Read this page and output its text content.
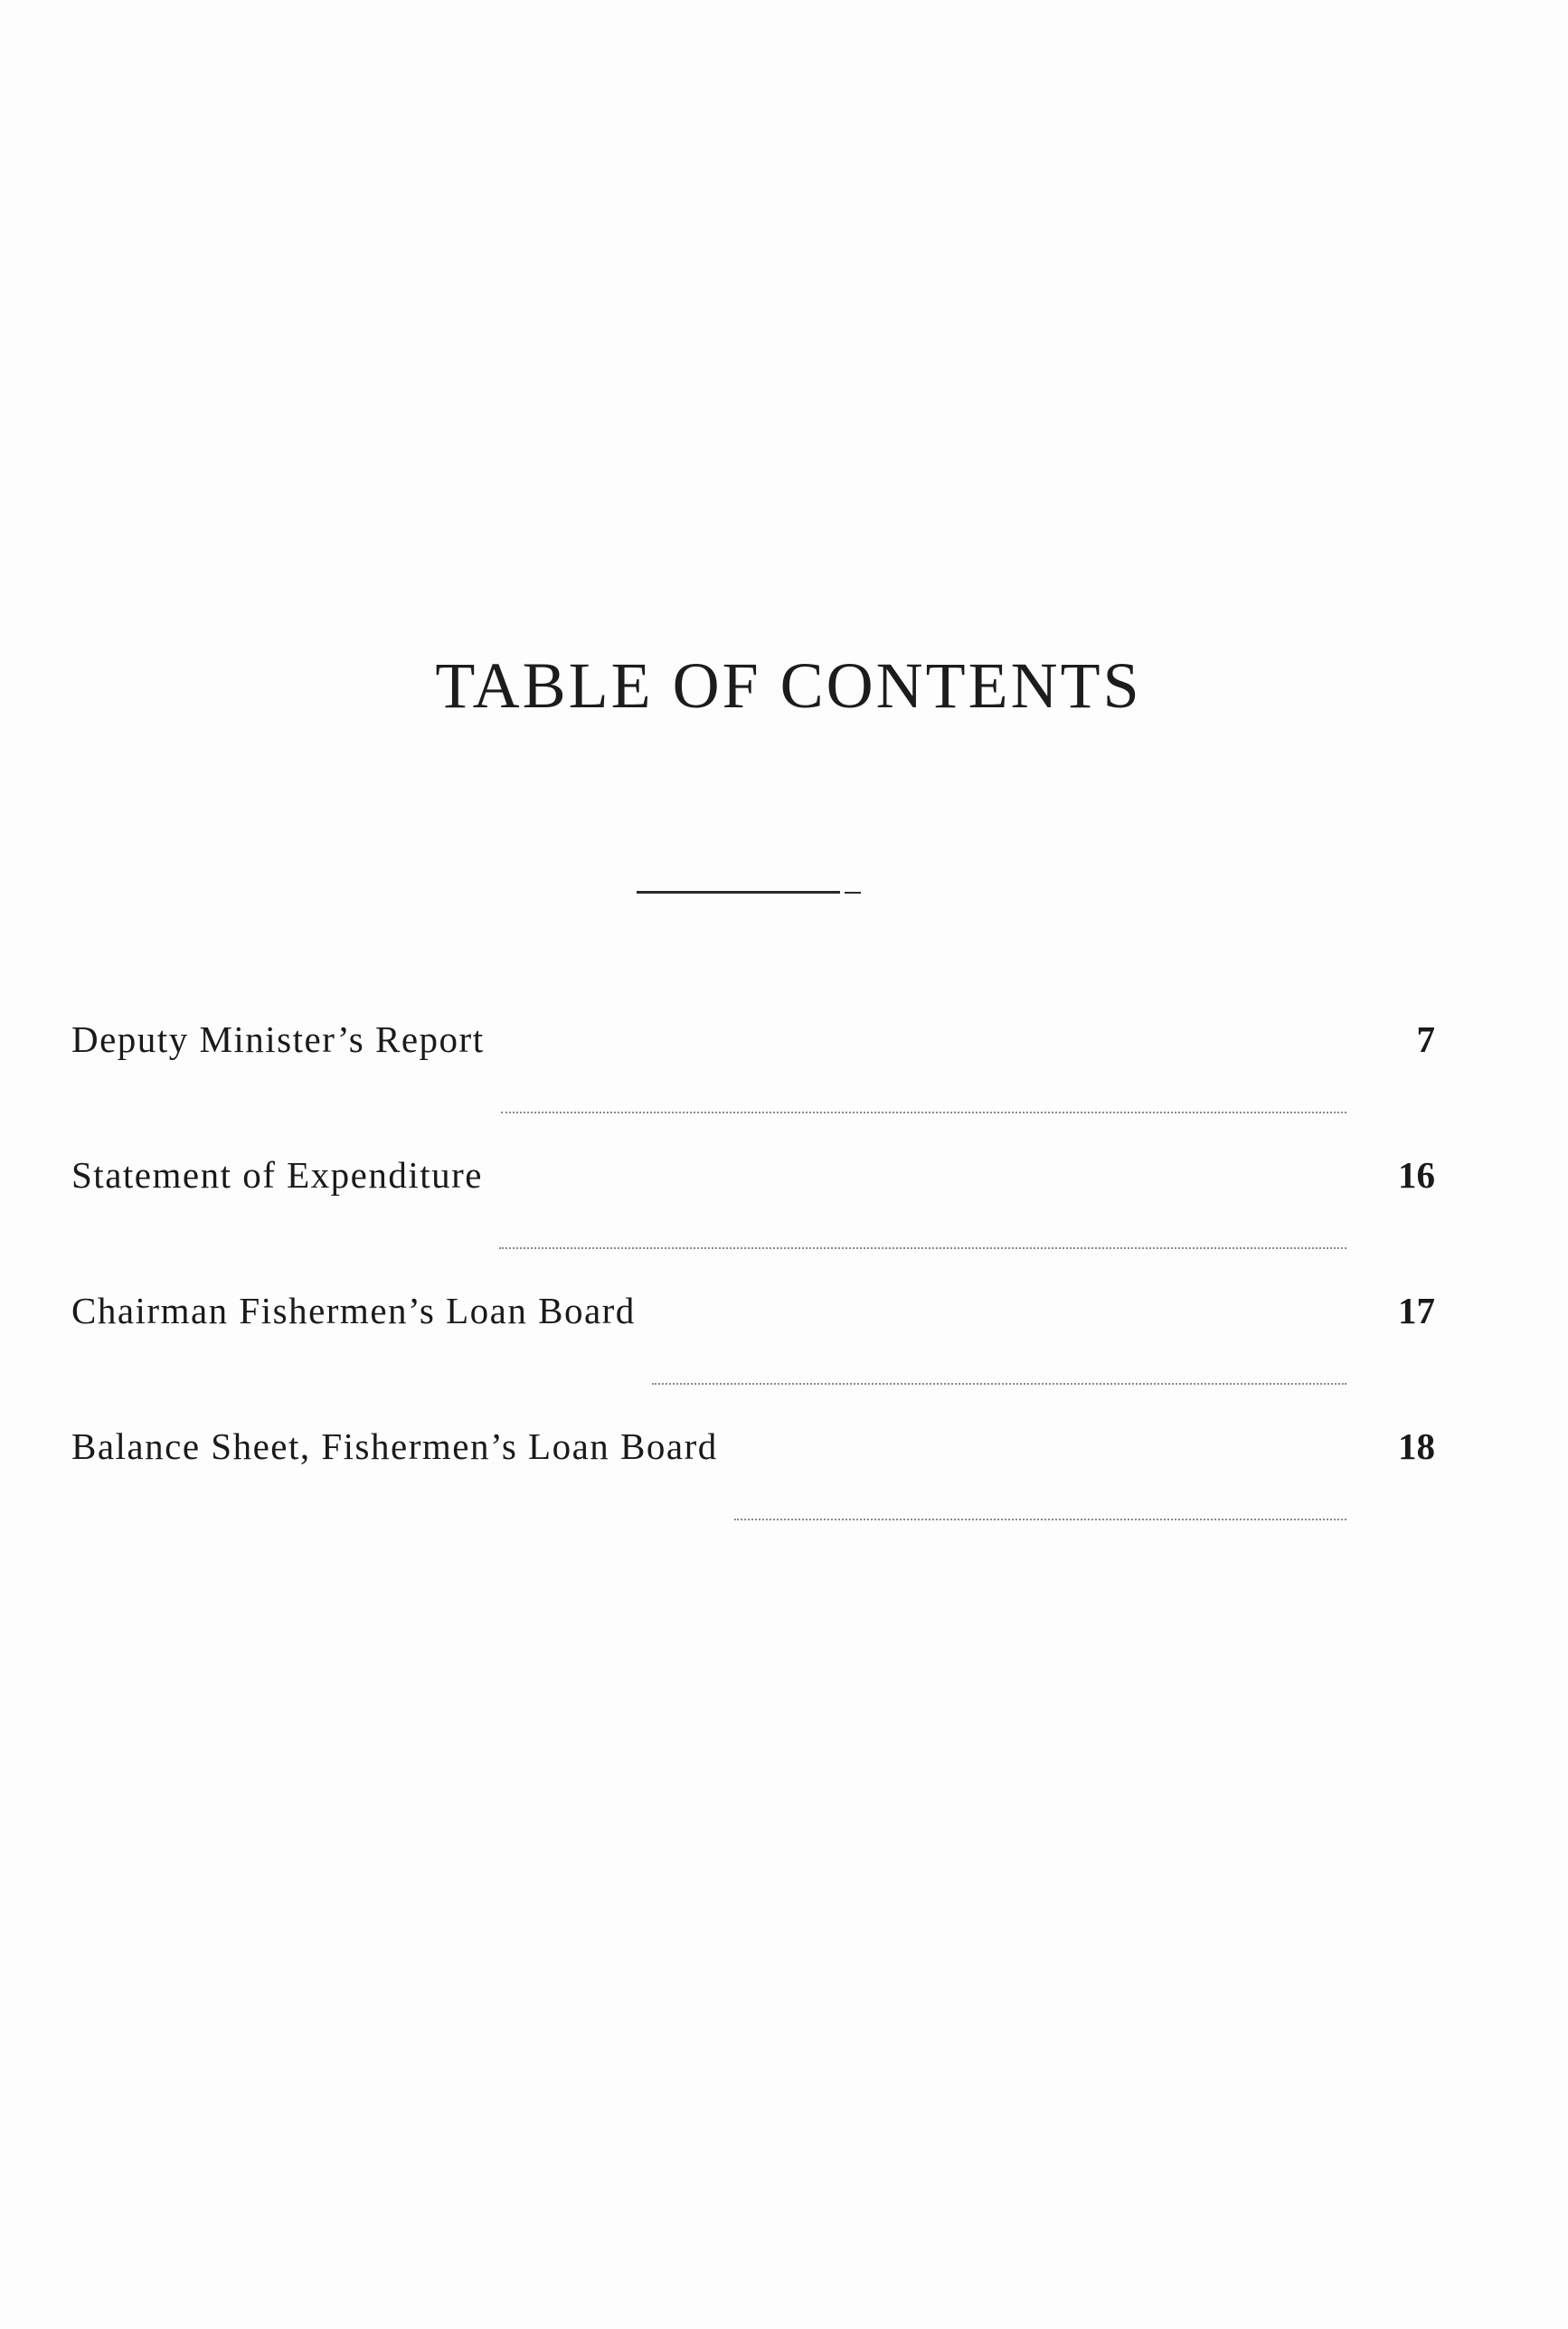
TABLE OF CONTENTS
Deputy Minister’s Report	7
Statement of Expenditure	16
Chairman Fishermen’s Loan Board	17
Balance Sheet, Fishermen’s Loan Board	18
